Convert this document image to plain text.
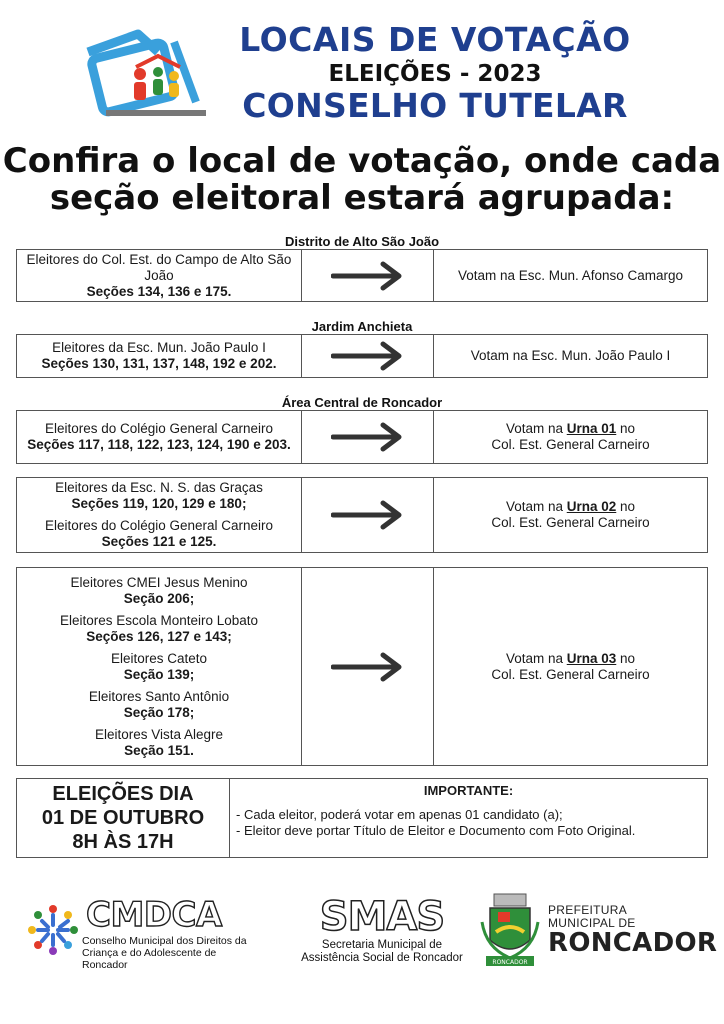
LOCAIS DE VOTAÇÃO
ELEIÇÕES - 2023
CONSELHO TUTELAR
Confira o local de votação, onde cada
seção eleitoral estará agrupada:
Distrito de Alto São João
Eleitores do Col. Est. do Campo de Alto São João
Seções 134, 136 e 175.
Votam na Esc. Mun. Afonso Camargo
Jardim Anchieta
Eleitores da Esc. Mun. João Paulo I
Seções 130, 131, 137, 148, 192 e 202.
Votam na Esc. Mun. João Paulo I
Área Central de Roncador
Eleitores do Colégio General Carneiro
Seções 117, 118, 122, 123, 124, 190 e 203.
Votam na Urna 01 no
Col. Est. General Carneiro
Eleitores da Esc. N. S. das Graças
Seções 119, 120, 129 e 180;
Eleitores do Colégio General Carneiro
Seções 121 e 125.
Votam na Urna 02 no
Col. Est. General Carneiro
Eleitores CMEI Jesus Menino
Seção 206;
Eleitores Escola Monteiro Lobato
Seções 126, 127 e 143;
Eleitores Cateto
Seção 139;
Eleitores Santo Antônio
Seção 178;
Eleitores Vista Alegre
Seção 151.
Votam na Urna 03 no
Col. Est. General Carneiro
ELEIÇÕES DIA
01 DE OUTUBRO
8H ÀS 17H
IMPORTANTE:
- Cada eleitor, poderá votar em apenas 01 candidato (a);
- Eleitor deve portar Título de Eleitor e Documento com Foto Original.
CMDCA
Conselho Municipal dos Direitos da
Criança e do Adolescente de Roncador
SMAS
Secretaria Municipal de
Assistência Social de Roncador	RONCADOR
PREFEITURA
MUNICIPAL DE
RONCADOR
